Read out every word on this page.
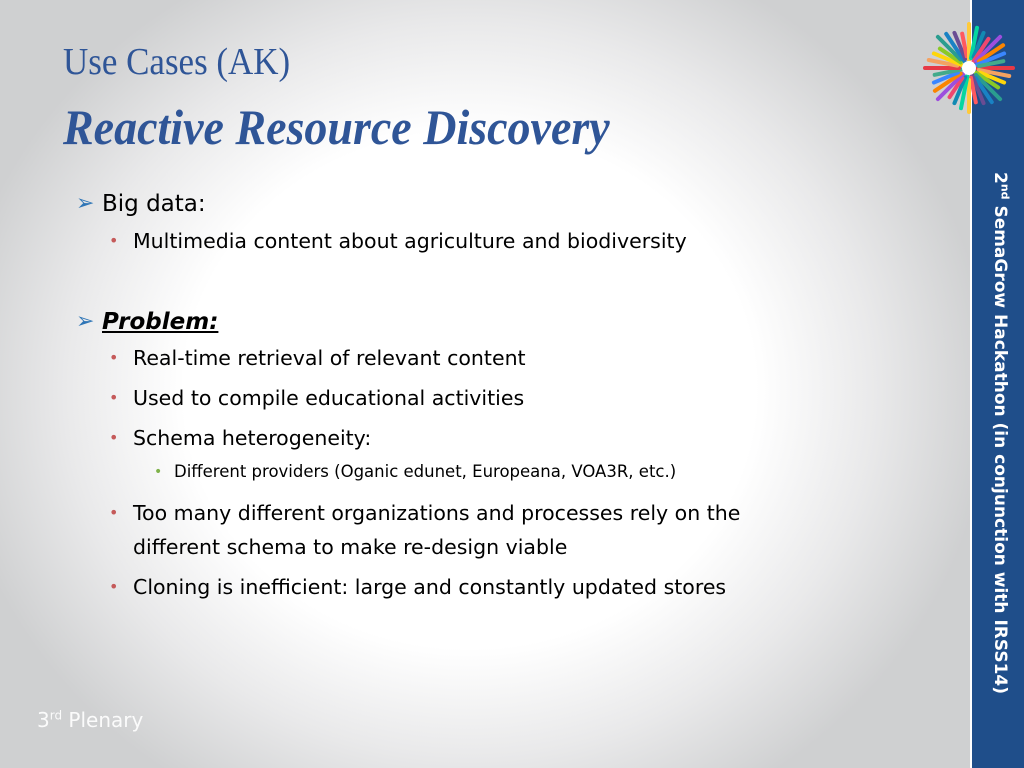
Use Cases (AK)
Reactive Resource Discovery
➢ Big data:
• Multimedia content about agriculture and biodiversity
➢ Problem:
• Real-time retrieval of relevant content
• Used to compile educational activities
• Schema heterogeneity:
• Different providers (Oganic edunet, Europeana, VOA3R, etc.)
• Too many different organizations and processes rely on the
different schema to make re-design viable
• Cloning is inefficient: large and constantly updated stores
3rd Plenary
2nd SemaGrow Hackathon (in conjunction with IRSS14)
